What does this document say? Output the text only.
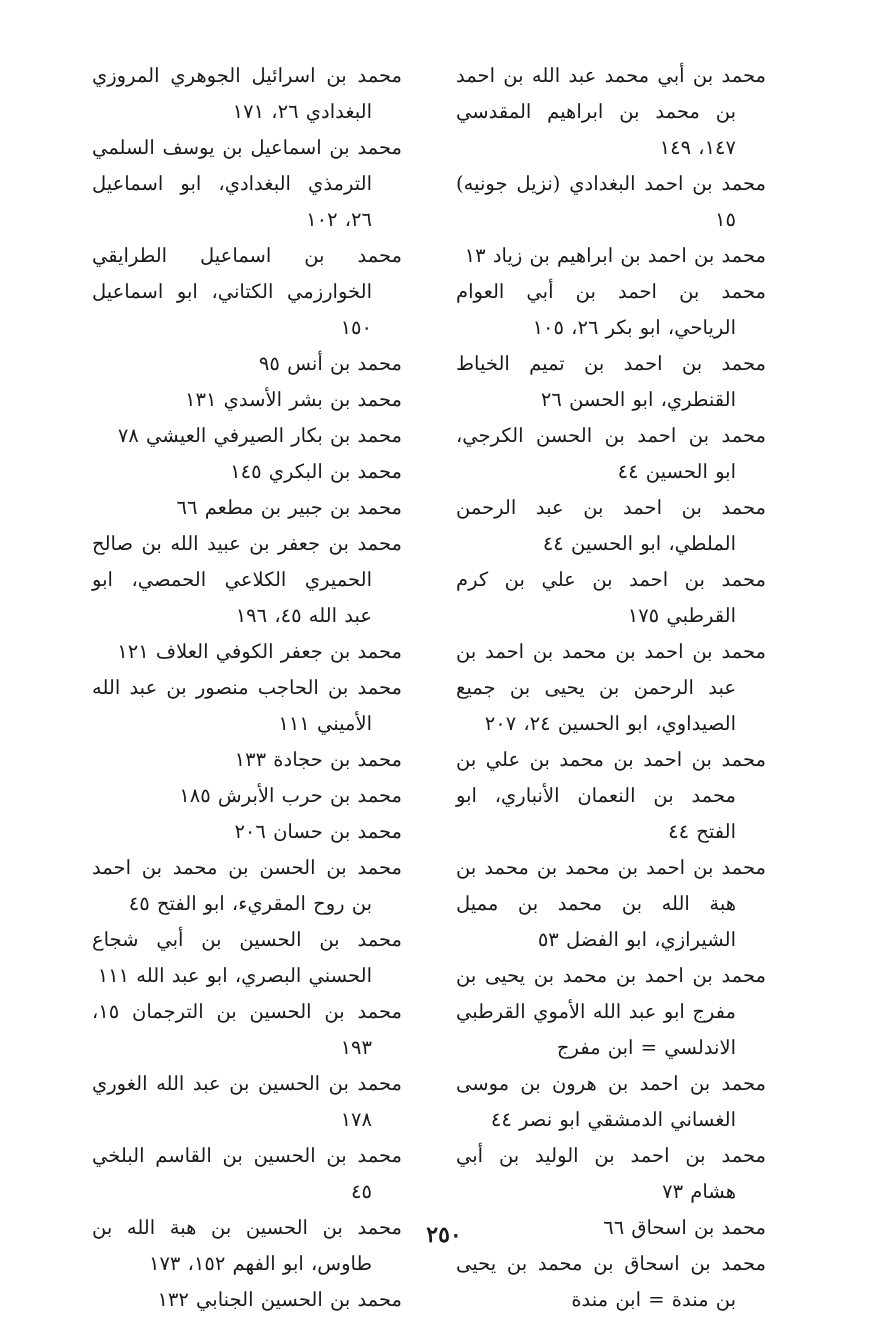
محمد بن أبي محمد عبد الله بن احمد بن محمد بن ابراهيم المقدسي ١٤٧، ١٤٩

محمد بن احمد البغدادي (نزيل جونيه) ١٥

محمد بن احمد بن ابراهيم بن زياد ١٣

محمد بن احمد بن أبي العوام الرياحي، ابو بكر ٢٦، ١٠٥

محمد بن احمد بن تميم الخياط القنطري، ابو الحسن ٢٦

محمد بن احمد بن الحسن الكرجي، ابو الحسين ٤٤

محمد بن احمد بن عبد الرحمن الملطي، ابو الحسين ٤٤

محمد بن احمد بن علي بن كرم القرطبي ١٧٥

محمد بن احمد بن محمد بن احمد بن عبد الرحمن بن يحيى بن جميع الصيداوي، ابو الحسين ٢٤، ٢٠٧

محمد بن احمد بن محمد بن علي بن محمد بن النعمان الأنباري، ابو الفتح ٤٤

محمد بن احمد بن محمد بن محمد بن هبة الله بن محمد بن مميل الشيرازي، ابو الفضل ٥٣

محمد بن احمد بن محمد بن يحيى بن مفرج ابو عبد الله الأموي القرطبي الاندلسي = ابن مفرج

محمد بن احمد بن هرون بن موسى الغساني الدمشقي ابو نصر ٤٤

محمد بن احمد بن الوليد بن أبي هشام ٧٣

محمد بن اسحاق ٦٦

محمد بن اسحاق بن محمد بن يحيى بن مندة = ابن مندة

محمد بن اسرائيل الجوهري المروزي البغدادي ٢٦، ١٧١

محمد بن اسماعيل بن يوسف السلمي الترمذي البغدادي، ابو اسماعيل ٢٦، ١٠٢

محمد بن اسماعيل الطرايقي الخوارزمي الكتاني، ابو اسماعيل ١٥٠

محمد بن أنس ٩٥

محمد بن بشر الأسدي ١٣١

محمد بن بكار الصيرفي العيشي ٧٨

محمد بن البكري ١٤٥

محمد بن جبير بن مطعم ٦٦

محمد بن جعفر بن عبيد الله بن صالح الحميري الكلاعي الحمصي، ابو عبد الله ٤٥، ١٩٦

محمد بن جعفر الكوفي العلاف ١٢١

محمد بن الحاجب منصور بن عبد الله الأميني ١١١

محمد بن حجادة ١٣٣

محمد بن حرب الأبرش ١٨٥

محمد بن حسان ٢٠٦

محمد بن الحسن بن محمد بن احمد بن روح المقريء، ابو الفتح ٤٥

محمد بن الحسين بن أبي شجاع الحسني البصري، ابو عبد الله ١١١

محمد بن الحسين بن الترجمان ١٥، ١٩٣

محمد بن الحسين بن عبد الله الغوري ١٧٨

محمد بن الحسين بن القاسم البلخي ٤٥

محمد بن الحسين بن هبة الله بن طاوس، ابو الفهم ١٥٢، ١٧٣

محمد بن الحسين الجنابي ١٣٢

٢٥٠
